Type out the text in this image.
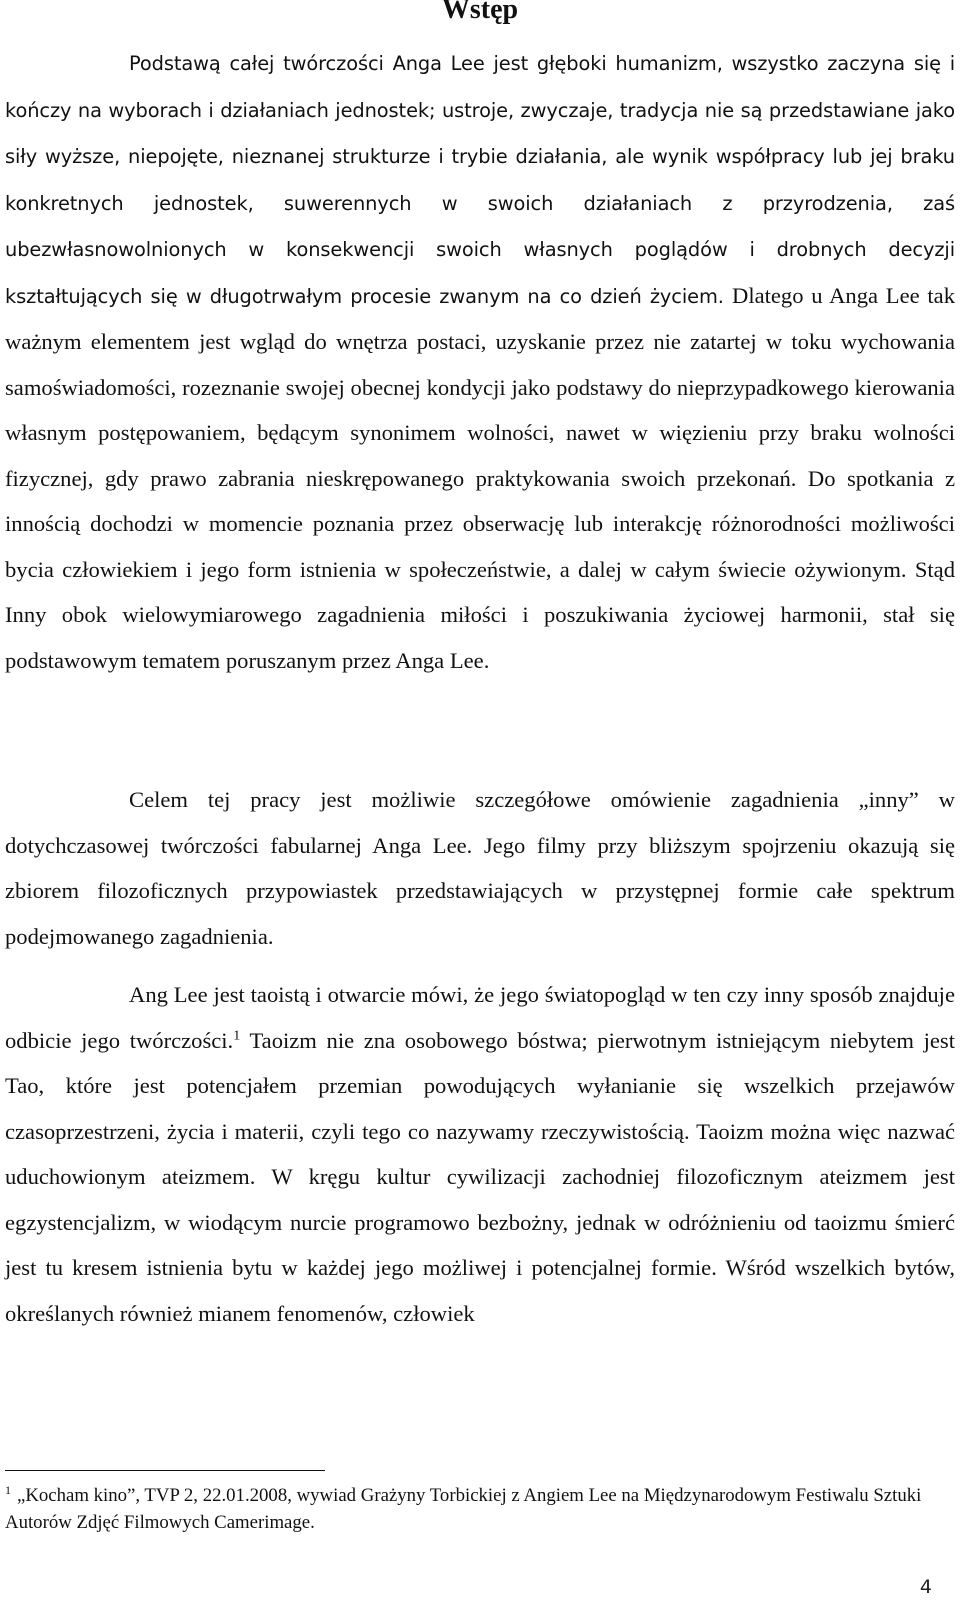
Wstęp

Podstawą całej twórczości Anga Lee jest głęboki humanizm, wszystko zaczyna się i kończy na wyborach i działaniach jednostek; ustroje, zwyczaje, tradycja nie są przedstawiane jako siły wyższe, niepojęte, nieznanej strukturze i trybie działania, ale wynik współpracy lub jej braku konkretnych jednostek, suwerennych w swoich działaniach z przyrodzenia, zaś ubezwłasnowolnionych w konsekwencji swoich własnych poglądów i drobnych decyzji kształtujących się w długotrwałym procesie zwanym na co dzień życiem. Dlatego u Anga Lee tak ważnym elementem jest wgląd do wnętrza postaci, uzyskanie przez nie zatartej w toku wychowania samoświadomości, rozeznanie swojej obecnej kondycji jako podstawy do nieprzypadkowego kierowania własnym postępowaniem, będącym synonimem wolności, nawet w więzieniu przy braku wolności fizycznej, gdy prawo zabrania nieskrępowanego praktykowania swoich przekonań. Do spotkania z innością dochodzi w momencie poznania przez obserwację lub interakcję różnorodności możliwości bycia człowiekiem i jego form istnienia w społeczeństwie, a dalej w całym świecie ożywionym. Stąd Inny obok wielowymiarowego zagadnienia miłości i poszukiwania życiowej harmonii, stał się podstawowym tematem poruszanym przez Anga Lee.

Celem tej pracy jest możliwie szczegółowe omówienie zagadnienia „inny” w dotychczasowej twórczości fabularnej Anga Lee. Jego filmy przy bliższym spojrzeniu okazują się zbiorem filozoficznych przypowiastek przedstawiających w przystępnej formie całe spektrum podejmowanego zagadnienia.

Ang Lee jest taoistą i otwarcie mówi, że jego światopogląd w ten czy inny sposób znajduje odbicie jego twórczości.$^1$ Taoizm nie zna osobowego bóstwa; pierwotnym istniejącym niebytem jest Tao, które jest potencjałem przemian powodujących wyłanianie się wszelkich przejawów czasoprzestrzeni, życia i materii, czyli tego co nazywamy rzeczywistością. Taoizm można więc nazwać uduchowionym ateizmem. W kręgu kultur cywilizacji zachodniej filozoficznym ateizmem jest egzystencjalizm, w wiodącym nurcie programowo bezbożny, jednak w odróżnieniu od taoizmu śmierć jest tu kresem istnienia bytu w każdej jego możliwej i potencjalnej formie. Wśród wszelkich bytów, określanych również mianem fenomenów, człowiek

$^1$ „Kocham kino”, TVP 2, 22.01.2008, wywiad Grażyny Torbickiej z Angiem Lee na Międzynarodowym Festiwalu Sztuki Autorów Zdjęć Filmowych Camerimage.

4
